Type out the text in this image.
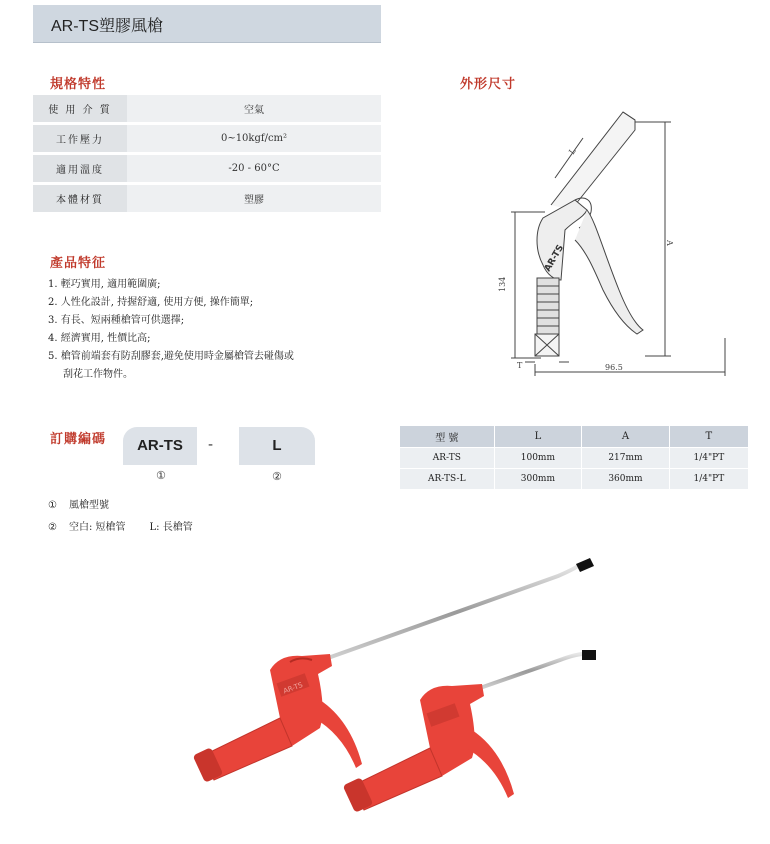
AR-TS塑膠風槍
規格特性
使 用 介 質	空氣
工作壓力	0~10kgf/cm²
適用溫度	-20 - 60°C
本體材質	塑膠
外形尺寸
L
A
134
96.5
T
AR-TS
產品特征
1. 輕巧實用, 適用範圍廣;
2. 人性化設計, 持握舒適, 使用方便, 操作簡單;
3. 有長、短兩種槍管可供選擇;
4. 經濟實用, 性價比高;
5. 槍管前端套有防刮膠套,避免使用時金屬槍管去碰傷或
刮花工作物件。
訂購編碼	AR-TS	-	L
①	②
① 風槍型號
② 空白: 短槍管 L: 長槍管
型 號	L	A	T
AR-TS	100mm	217mm	1/4"PT
AR-TS-L	300mm	360mm	1/4"PT
AR-TS
